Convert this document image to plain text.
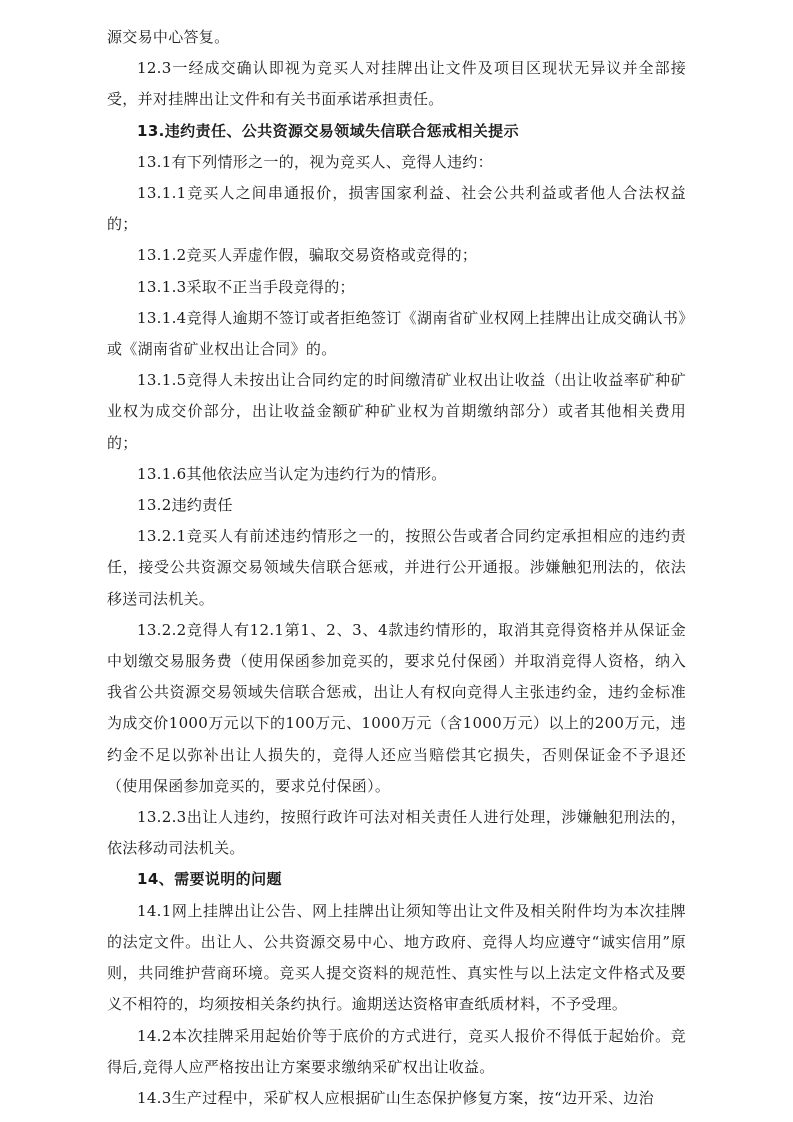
源交易中心答复。

12.3一经成交确认即视为竞买人对挂牌出让文件及项目区现状无异议并全部接受，并对挂牌出让文件和有关书面承诺承担责任。

13.违约责任、公共资源交易领域失信联合惩戒相关提示

13.1有下列情形之一的，视为竞买人、竞得人违约：

13.1.1竞买人之间串通报价，损害国家利益、社会公共利益或者他人合法权益的；

13.1.2竞买人弄虚作假，骗取交易资格或竞得的；

13.1.3采取不正当手段竞得的；

13.1.4竞得人逾期不签订或者拒绝签订《湖南省矿业权网上挂牌出让成交确认书》或《湖南省矿业权出让合同》的。

13.1.5竞得人未按出让合同约定的时间缴清矿业权出让收益（出让收益率矿种矿业权为成交价部分，出让收益金额矿种矿业权为首期缴纳部分）或者其他相关费用的；

13.1.6其他依法应当认定为违约行为的情形。

13.2违约责任

13.2.1竞买人有前述违约情形之一的，按照公告或者合同约定承担相应的违约责任，接受公共资源交易领域失信联合惩戒，并进行公开通报。涉嫌触犯刑法的，依法移送司法机关。

13.2.2竞得人有12.1第1、2、3、4款违约情形的，取消其竞得资格并从保证金中划缴交易服务费（使用保函参加竞买的，要求兑付保函）并取消竞得人资格，纳入我省公共资源交易领域失信联合惩戒，出让人有权向竞得人主张违约金，违约金标准为成交价1000万元以下的100万元、1000万元（含1000万元）以上的200万元，违约金不足以弥补出让人损失的，竞得人还应当赔偿其它损失，否则保证金不予退还（使用保函参加竞买的，要求兑付保函）。

13.2.3出让人违约，按照行政许可法对相关责任人进行处理，涉嫌触犯刑法的，依法移动司法机关。

14、需要说明的问题

14.1网上挂牌出让公告、网上挂牌出让须知等出让文件及相关附件均为本次挂牌的法定文件。出让人、公共资源交易中心、地方政府、竞得人均应遵守“诚实信用”原则，共同维护营商环境。竞买人提交资料的规范性、真实性与以上法定文件格式及要义不相符的，均须按相关条约执行。逾期送达资格审查纸质材料，不予受理。

14.2本次挂牌采用起始价等于底价的方式进行，竞买人报价不得低于起始价。竞得后,竞得人应严格按出让方案要求缴纳采矿权出让收益。

14.3生产过程中，采矿权人应根据矿山生态保护修复方案，按“边开采、边治
